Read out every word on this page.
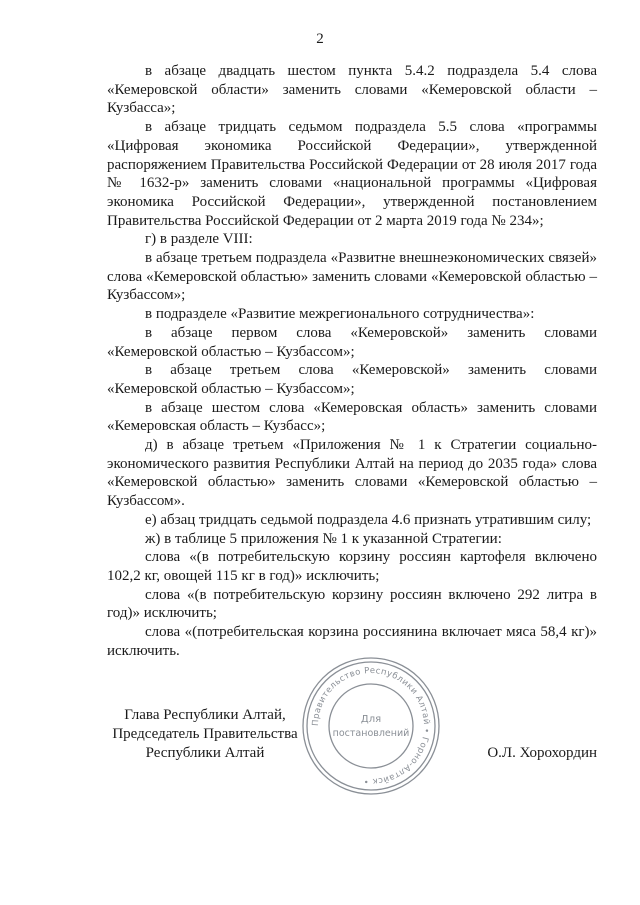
2

в абзаце двадцать шестом пункта 5.4.2 подраздела 5.4 слова «Кемеровской области» заменить словами «Кемеровской области – Кузбасса»;

в абзаце тридцать седьмом подраздела 5.5 слова «программы «Цифровая экономика Российской Федерации», утвержденной распоряжением Правительства Российской Федерации от 28 июля 2017 года № 1632-р» заменить словами «национальной программы «Цифровая экономика Российской Федерации», утвержденной постановлением Правительства Российской Федерации от 2 марта 2019 года № 234»;

г) в разделе VIII:

в абзаце третьем подраздела «Развитне внешнеэкономических связей» слова «Кемеровской областью» заменить словами «Кемеровской областью – Кузбассом»;

в подразделе «Развитие межрегионального сотрудничества»:

в абзаце первом слова «Кемеровской» заменить словами «Кемеровской областью – Кузбассом»;

в абзаце третьем слова «Кемеровской» заменить словами «Кемеровской областью – Кузбассом»;

в абзаце шестом слова «Кемеровская область» заменить словами «Кемеровская область – Кузбасс»;

д) в абзаце третьем «Приложения № 1 к Стратегии социально-экономического развития Республики Алтай на период до 2035 года» слова «Кемеровской областью» заменить словами «Кемеровской областью – Кузбассом».

е) абзац тридцать седьмой подраздела 4.6 признать утратившим силу;

ж) в таблице 5 приложения № 1 к указанной Стратегии:

слова «(в потребительскую корзину россиян картофеля включено 102,2 кг, овощей 115 кг в год)» исключить;

слова «(в потребительскую корзину россиян включено 292 литра в год)» исключить;

слова «(потребительская корзина россиянина включает мяса 58,4 кг)» исключить.

Глава Республики Алтай,
Председатель Правительства
Республики Алтай
Правительство Республики Алтай • Горно-Алтайск •
Для
постановлений
О.Л. Хорохордин
